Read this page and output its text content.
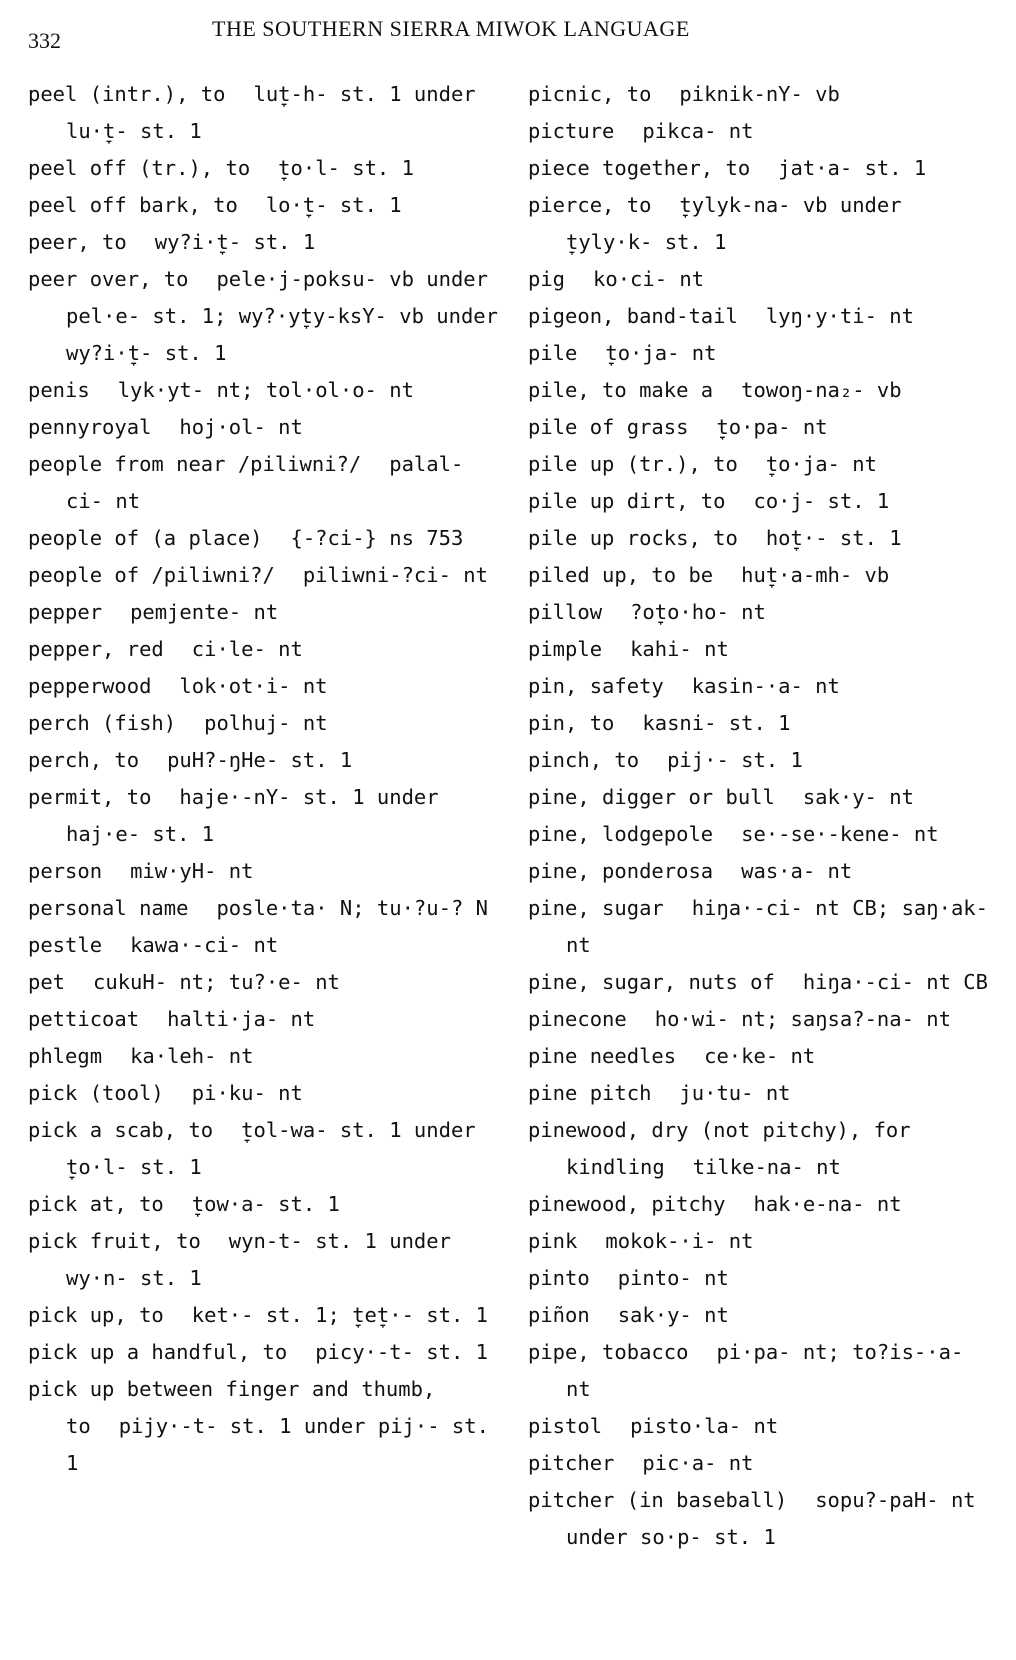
332	THE SOUTHERN SIERRA MIWOK LANGUAGE

peel (intr.), to lut̞-h- st. 1 under lu·t̞- st. 1

peel off (tr.), to t̞o·l- st. 1

peel off bark, to lo·t̞- st. 1

peer, to wy?i·t̞- st. 1

peer over, to pele·j-poksu- vb under pel·e- st. 1; wy?·yt̞y-ksY- vb under wy?i·t̞- st. 1

penis lyk·yt- nt; tol·ol·o- nt

pennyroyal hoj·ol- nt

people from near /piliwni?/ palal-ci- nt

people of (a place) {-?ci-} ns 753

people of /piliwni?/ piliwni-?ci- nt

pepper pemjente- nt

pepper, red ci·le- nt

pepperwood lok·ot·i- nt

perch (fish) polhuj- nt

perch, to puH?-ŋHe- st. 1

permit, to haje·-nY- st. 1 under haj·e- st. 1

person miw·yH- nt

personal name posle·ta· N; tu·?u-? N

pestle kawa·-ci- nt

pet cukuH- nt; tu?·e- nt

petticoat halti·ja- nt

phlegm ka·leh- nt

pick (tool) pi·ku- nt

pick a scab, to t̞ol-wa- st. 1 under t̞o·l- st. 1

pick at, to t̞ow·a- st. 1

pick fruit, to wyn-t- st. 1 under wy·n- st. 1

pick up, to ket·- st. 1; t̞et̞·- st. 1

pick up a handful, to picy·-t- st. 1

pick up between finger and thumb, to pijy·-t- st. 1 under pij·- st. 1

picnic, to piknik-nY- vb

picture pikca- nt

piece together, to jat·a- st. 1

pierce, to t̞ylyk-na- vb under t̞yly·k- st. 1

pig ko·ci- nt

pigeon, band-tail lyŋ·y·ti- nt

pile t̞o·ja- nt

pile, to make a towoŋ-na₂- vb

pile of grass t̞o·pa- nt

pile up (tr.), to t̞o·ja- nt

pile up dirt, to co·j- st. 1

pile up rocks, to hot̞·- st. 1

piled up, to be hut̞·a-mh- vb

pillow ?ot̞o·ho- nt

pimple kahi- nt

pin, safety kasin-·a- nt

pin, to kasni- st. 1

pinch, to pij·- st. 1

pine, digger or bull sak·y- nt

pine, lodgepole se·-se·-kene- nt

pine, ponderosa was·a- nt

pine, sugar hiŋa·-ci- nt CB; saŋ·ak- nt

pine, sugar, nuts of hiŋa·-ci- nt CB

pinecone ho·wi- nt; saŋsa?-na- nt

pine needles ce·ke- nt

pine pitch ju·tu- nt

pinewood, dry (not pitchy), for kindling tilke-na- nt

pinewood, pitchy hak·e-na- nt

pink mokok-·i- nt

pinto pinto- nt

piñon sak·y- nt

pipe, tobacco pi·pa- nt; to?is-·a- nt

pistol pisto·la- nt

pitcher pic·a- nt

pitcher (in baseball) sopu?-paH- nt under so·p- st. 1
